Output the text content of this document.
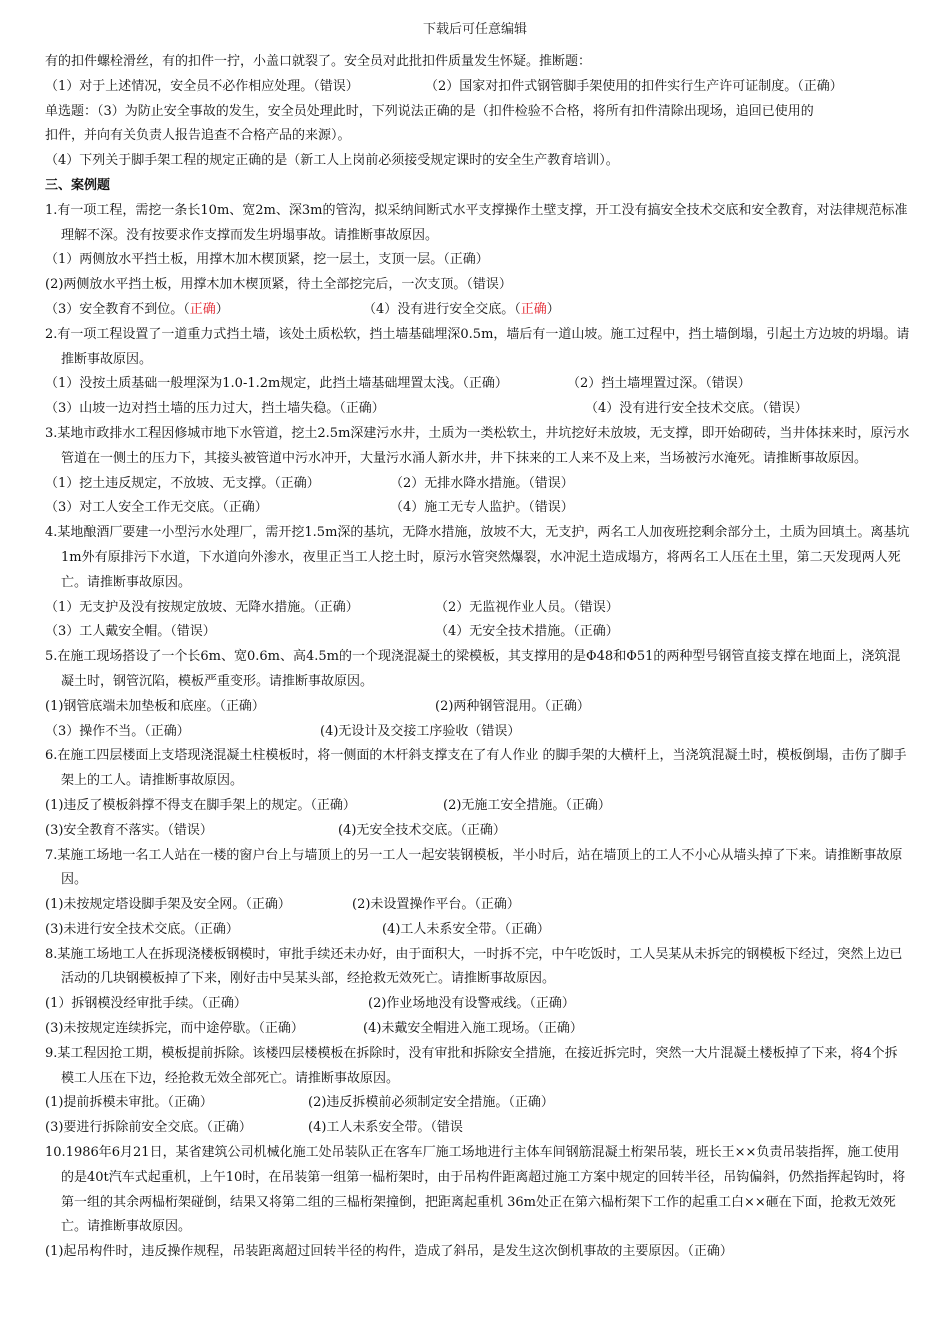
下载后可任意编辑
有的扣件螺栓滑丝，有的扣件一拧，小盖口就裂了。安全员对此批扣件质量发生怀疑。推断题：
（1）对于上述情况，安全员不必作相应处理。（错误）	（2）国家对扣件式钢管脚手架使用的扣件实行生产许可证制度。（正确）
单选题：（3）为防止安全事故的发生，安全员处理此时，下列说法正确的是（扣件检验不合格，将所有扣件清除出现场，追回已使用的
扣件，并向有关负责人报告追查不合格产品的来源）。
（4）下列关于脚手架工程的规定正确的是（新工人上岗前必须接受规定课时的安全生产教育培训）。
三、案例题
1.有一项工程，需挖一条长10m、宽2m、深3m的管沟，拟采纳间断式水平支撑操作土壁支撑，开工没有搞安全技术交底和安全教育，对法律规范标准理解不深。没有按要求作支撑而发生坍塌事故。请推断事故原因。
（1）两侧放水平挡土板，用撑木加木楔顶紧，挖一层土，支顶一层。（正确）
(2)两侧放水平挡土板，用撑木加木楔顶紧，待土全部挖完后，一次支顶。（错误）
（3）安全教育不到位。（正确）	（4）没有进行安全交底。（正确）
2.有一项工程设置了一道重力式挡土墙，该处土质松软，挡土墙基础埋深0.5m，墙后有一道山坡。施工过程中，挡土墙倒塌，引起土方边坡的坍塌。请推断事故原因。
（1）没按土质基础一般埋深为1.0-1.2m规定，此挡土墙基础埋置太浅。（正确）	（2）挡土墙埋置过深。（错误）
（3）山坡一边对挡土墙的压力过大，挡土墙失稳。（正确）	（4）没有进行安全技术交底。（错误）
3.某地市政排水工程因修城市地下水管道，挖土2.5m深建污水井，土质为一类松软土，井坑挖好未放坡，无支撑，即开始砌砖，当井体抹来时，原污水管道在一侧土的压力下，其接头被管道中污水冲开，大量污水涌人新水井，井下抹来的工人来不及上来，当场被污水淹死。请推断事故原因。
（1）挖土违反规定，不放坡、无支撑。（正确）	（2）无排水降水措施。（错误）
（3）对工人安全工作无交底。（正确）	（4）施工无专人监护。（错误）
4.某地酿酒厂要建一小型污水处理厂，需开挖1.5m深的基坑，无降水措施，放坡不大，无支护，两名工人加夜班挖剩余部分土，土质为回填土。离基坑1m外有原排污下水道，下水道向外渗水，夜里正当工人挖土时，原污水管突然爆裂，水冲泥土造成塌方，将两名工人压在土里，第二天发现两人死亡。请推断事故原因。
（1）无支护及没有按规定放坡、无降水措施。（正确）	（2）无监视作业人员。（错误）
（3）工人戴安全帽。（错误）	（4）无安全技术措施。（正确）
5.在施工现场搭设了一个长6m、宽0.6m、高4.5m的一个现浇混凝土的梁模板，其支撑用的是Φ48和Φ51的两种型号钢管直接支撑在地面上，浇筑混凝土时，钢管沉陷，模板严重变形。请推断事故原因。
(1)钢管底端未加垫板和底座。（正确）	(2)两种钢管混用。（正确）
（3）操作不当。（正确）	(4)无设计及交接工序验收（错误）
6.在施工四层楼面上支塔现浇混凝土柱模板时，将一侧面的木杆斜支撑支在了有人作业 的脚手架的大横杆上，当浇筑混凝土时，模板倒塌，击伤了脚手架上的工人。请推断事故原因。
(1)违反了模板斜撑不得支在脚手架上的规定。（正确）	(2)无施工安全措施。（正确）
(3)安全教育不落实。（错误）	(4)无安全技术交底。（正确）
7.某施工场地一名工人站在一楼的窗户台上与墙顶上的另一工人一起安装钢模板，半小时后，站在墙顶上的工人不小心从墙头掉了下来。请推断事故原因。
(1)未按规定塔设脚手架及安全网。（正确）	(2)未设置操作平台。（正确）
(3)未进行安全技术交底。（正确）	(4)工人未系安全带。（正确）
8.某施工场地工人在拆现浇楼板钢模时，审批手续还未办好，由于面积大，一时拆不完，中午吃饭时，工人吴某从未拆完的钢模板下经过，突然上边已活动的几块钢模板掉了下来，刚好击中吴某头部，经抢救无效死亡。请推断事故原因。
(1）拆钢模没经审批手续。（正确）	(2)作业场地没有设警戒线。（正确）
(3)未按规定连续拆完，而中途停歇。（正确）	(4)未戴安全帽进入施工现场。（正确）
9.某工程因抢工期，模板提前拆除。该楼四层楼模板在拆除时，没有审批和拆除安全措施，在接近拆完时，突然一大片混凝土楼板掉了下来，将4个拆模工人压在下边，经抢救无效全部死亡。请推断事故原因。
(1)提前拆模未审批。（正确）	(2)违反拆模前必须制定安全措施。（正确）
(3)要进行拆除前安全交底。（正确）	(4)工人未系安全带。（错误
10.1986年6月21日，某省建筑公司机械化施工处吊装队正在客车厂施工场地进行主体车间钢筋混凝土桁架吊装，班长王××负责吊装指挥，施工使用的是40t汽车式起重机，上午10时，在吊装第一组第一榀桁架时，由于吊构件距离超过施工方案中规定的回转半径，吊钩偏斜，仍然指挥起钩时，将第一组的其余两榀桁架碰倒，结果又将第二组的三榀桁架撞倒，把距离起重机 36m处正在第六榀桁架下工作的起重工白××砸在下面，抢救无效死亡。请推断事故原因。
(1)起吊构件时，违反操作规程，吊装距离超过回转半径的构件，造成了斜吊，是发生这次倒机事故的主要原因。（正确）
